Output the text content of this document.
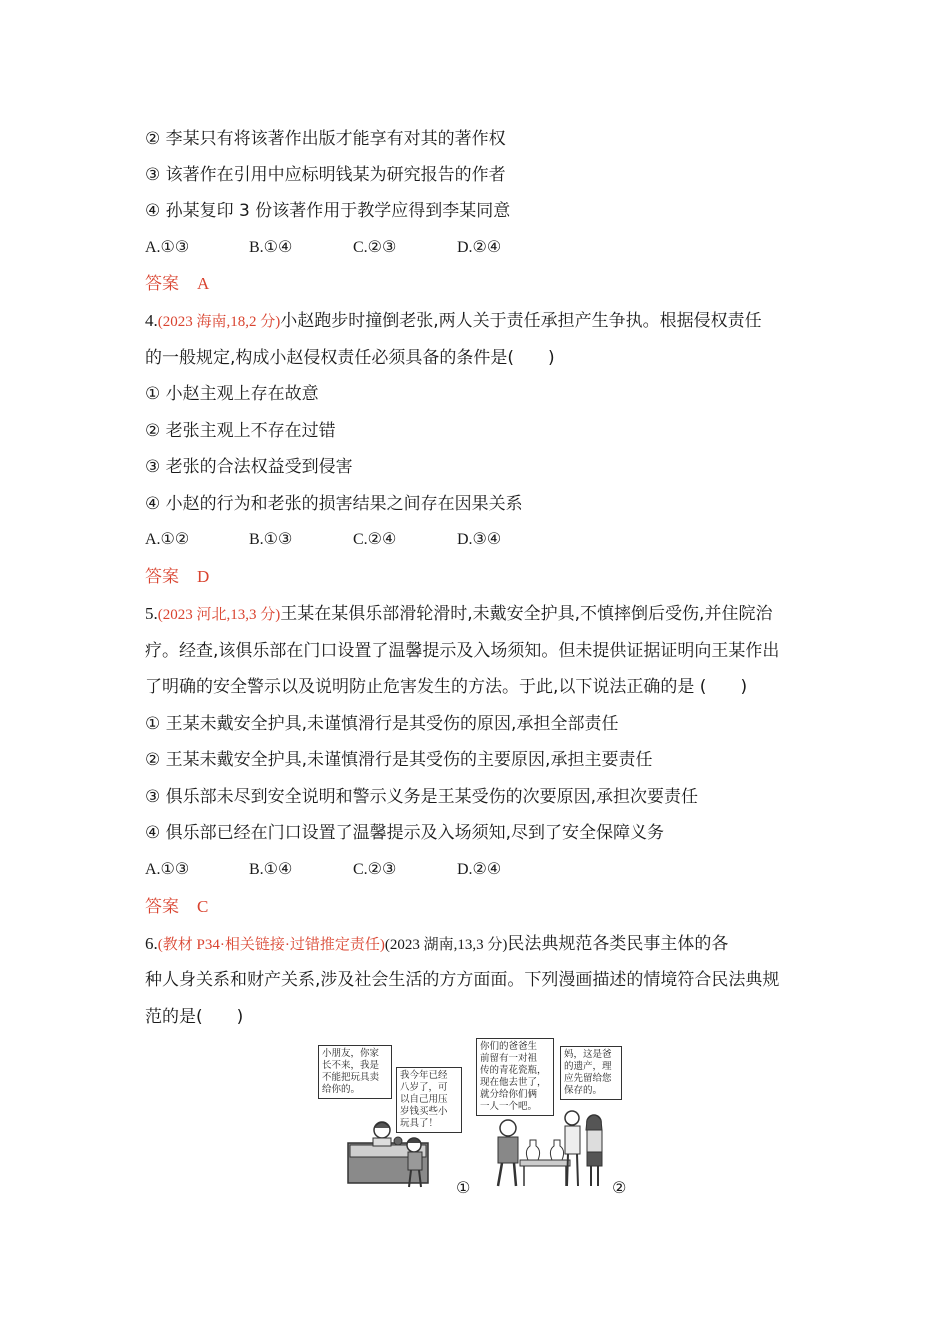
② 李某只有将该著作出版才能享有对其的著作权
③ 该著作在引用中应标明钱某为研究报告的作者
④ 孙某复印 3 份该著作用于教学应得到李某同意
A.①③	B.①④	C.②③	D.②④
答案 A
4.(2023 海南,18,2 分)小赵跑步时撞倒老张,两人关于责任承担产生争执。根据侵权责任
的一般规定,构成小赵侵权责任必须具备的条件是(　　)
① 小赵主观上存在故意
② 老张主观上不存在过错
③ 老张的合法权益受到侵害
④ 小赵的行为和老张的损害结果之间存在因果关系
A.①②	B.①③	C.②④	D.③④
答案 D
5.(2023 河北,13,3 分)王某在某俱乐部滑轮滑时,未戴安全护具,不慎摔倒后受伤,并住院治
疗。经查,该俱乐部在门口设置了温馨提示及入场须知。但未提供证据证明向王某作出
了明确的安全警示以及说明防止危害发生的方法。于此,以下说法正确的是 (　　)
① 王某未戴安全护具,未谨慎滑行是其受伤的原因,承担全部责任
② 王某未戴安全护具,未谨慎滑行是其受伤的主要原因,承担主要责任
③ 俱乐部未尽到安全说明和警示义务是王某受伤的次要原因,承担次要责任
④ 俱乐部已经在门口设置了温馨提示及入场须知,尽到了安全保障义务
A.①③	B.①④	C.②③	D.②④
答案 C
6.(教材 P34·相关链接·过错推定责任)(2023 湖南,13,3 分)民法典规范各类民事主体的各
种人身关系和财产关系,涉及社会生活的方方面面。下列漫画描述的情境符合民法典规
范的是(　　)
小朋友，你家
长不来，我是
不能把玩具卖
给你的。
我今年已经
八岁了，可
以自己用压
岁钱买些小
玩具了！
①
你们的爸爸生
前留有一对祖
传的青花瓷瓶，
现在他去世了，
就分给你们俩
一人一个吧。
妈，这是爸
的遗产，理
应先留给您
保存的。
②
